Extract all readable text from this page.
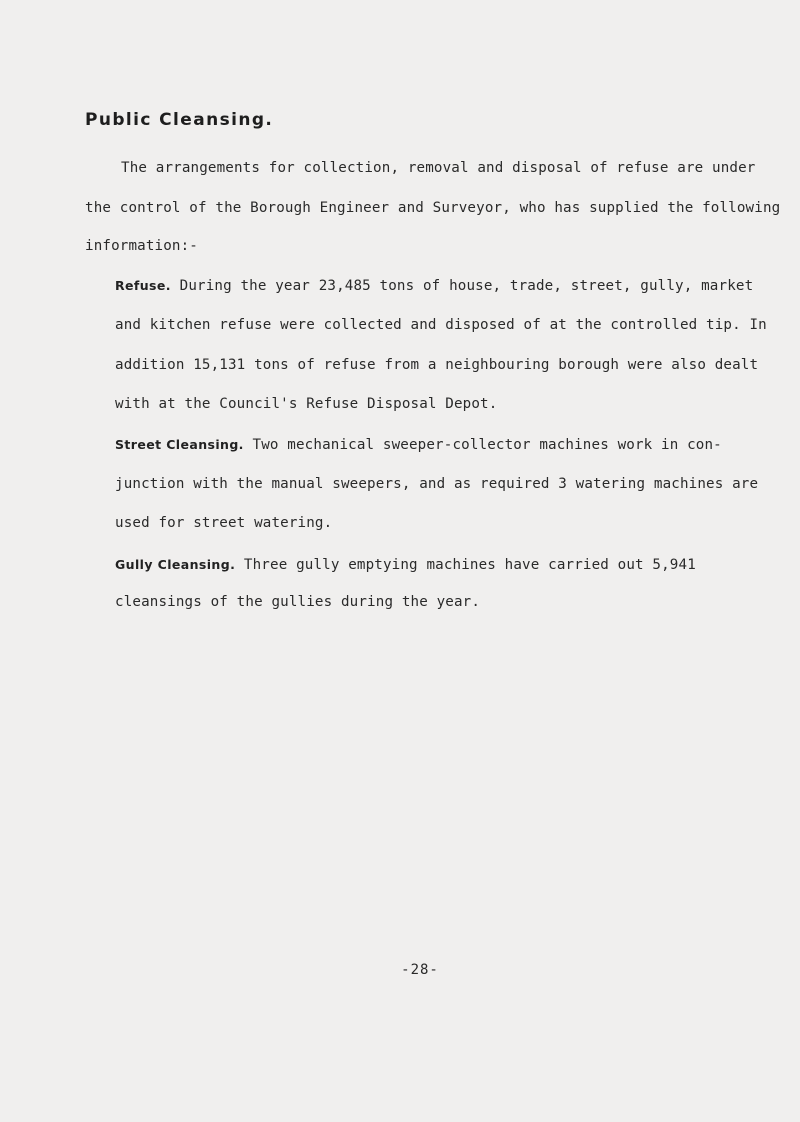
Public Cleansing.
The arrangements for collection, removal and disposal of refuse are under
the control of the Borough Engineer and Surveyor, who has supplied the following
information:-
Refuse. During the year 23,485 tons of house, trade, street, gully, market
and kitchen refuse were collected and disposed of at the controlled tip. In
addition 15,131 tons of refuse from a neighbouring borough were also dealt
with at the Council's Refuse Disposal Depot.
Street Cleansing. Two mechanical sweeper-collector machines work in con-
junction with the manual sweepers, and as required 3 watering machines are
used for street watering.
Gully Cleansing. Three gully emptying machines have carried out 5,941
cleansings of the gullies during the year.
-28-
